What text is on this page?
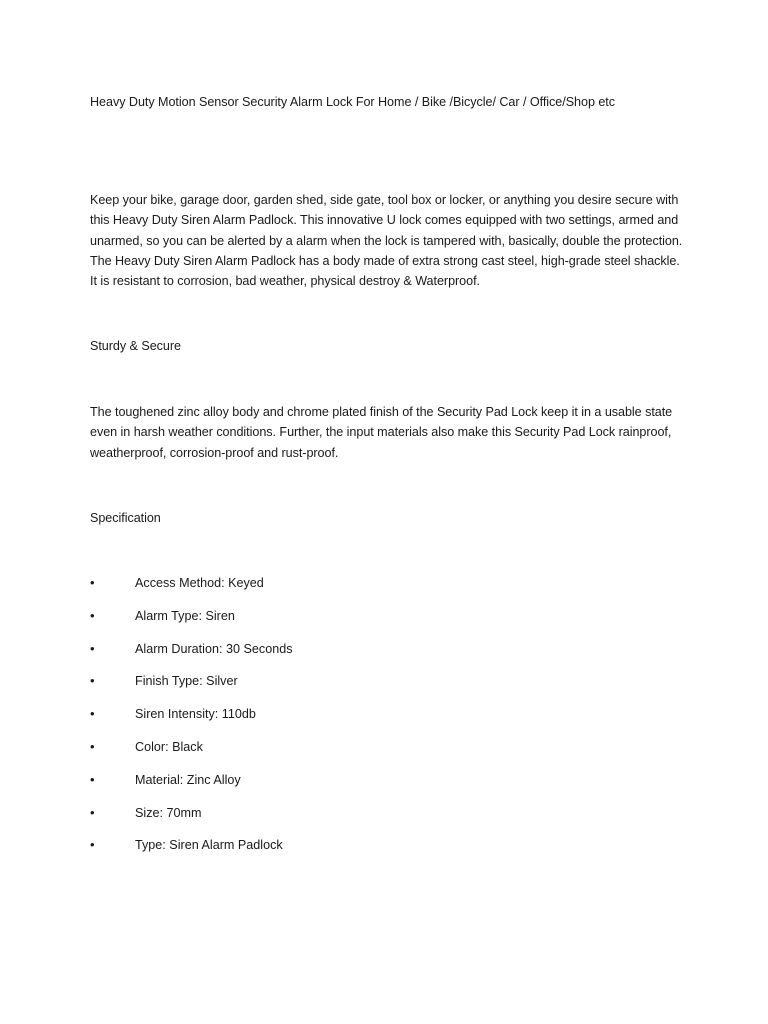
Heavy Duty Motion Sensor Security Alarm Lock For Home / Bike /Bicycle/ Car / Office/Shop etc

Keep your bike, garage door, garden shed, side gate, tool box or locker, or anything you desire secure with this Heavy Duty Siren Alarm Padlock. This innovative U lock comes equipped with two settings, armed and unarmed, so you can be alerted by a alarm when the lock is tampered with, basically, double the protection. The Heavy Duty Siren Alarm Padlock has a body made of extra strong cast steel, high-grade steel shackle. It is resistant to corrosion, bad weather, physical destroy & Waterproof.

Sturdy & Secure

The toughened zinc alloy body and chrome plated finish of the Security Pad Lock keep it in a usable state even in harsh weather conditions. Further, the input materials also make this Security Pad Lock rainproof, weatherproof, corrosion-proof and rust-proof.

Specification

•	Access Method: Keyed
•	Alarm Type: Siren
•	Alarm Duration: 30 Seconds
•	Finish Type: Silver
•	Siren Intensity: 110db
•	Color: Black
•	Material: Zinc Alloy
•	Size: 70mm
•	Type: Siren Alarm Padlock
